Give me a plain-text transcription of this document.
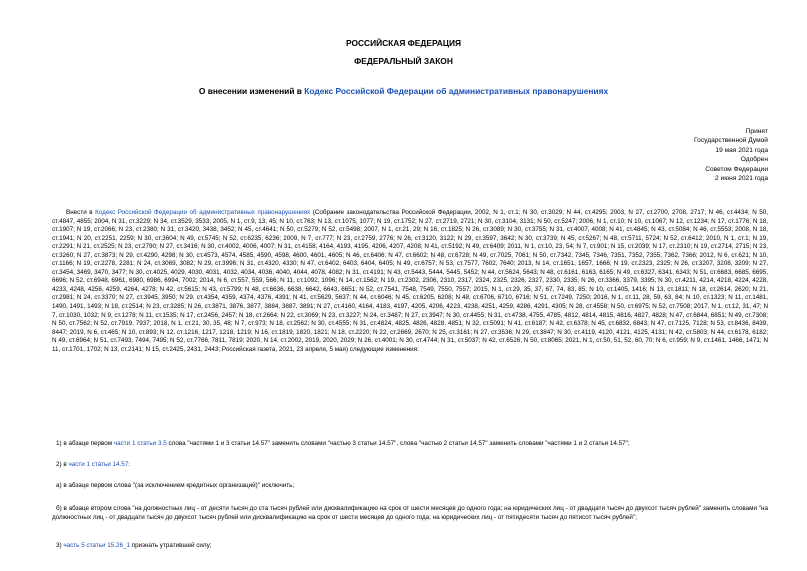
РОССИЙСКАЯ ФЕДЕРАЦИЯ
ФЕДЕРАЛЬНЫЙ ЗАКОН
О внесении изменений в Кодекс Российской Федерации об административных правонарушениях
Принят
Государственной Думой
19 мая 2021 года
Одобрен
Советом Федерации
2 июня 2021 года
Внести в Кодекс Российской Федерации об административных правонарушениях (Собрание законодательства Российской Федерации, 2002, N 1, ст.1; N 30, ст.3029; N 44, ст.4295; 2003, N 27, ст.2700, 2708, 2717; N 46, ст.4434; N 50, ст.4847, 4855; 2004, N 31, ст.3229; N 34, ст.3529, 3533; 2005, N 1, ст.9, 13, 45; N 10, ст.763; N 13, ст.1075, 1077; N 19, ст.1752; N 27, ст.2719, 2721; N 30, ст.3104, 3131; N 50, ст.5247; 2006, N 1, ст.10; N 10, ст.1067; N 12, ст.1234; N 17, ст.1776; N 18, ст.1907; N 19, ст.2066; N 23, ст.2380; N 31, ст.3420, 3438, 3452; N 45, ст.4641; N 50, ст.5279; N 52, ст.5498; 2007, N 1, ст.21, 29; N 16, ст.1825; N 26, ст.3089; N 30, ст.3755; N 31, ст.4007, 4008; N 41, ст.4845; N 43, ст.5084; N 46, ст.5553; 2008, N 18, ст.1941; N 20, ст.2251, 2259; N 30, ст.3604; N 49, ст.5745; N 52, ст.6235, 6236; 2009, N 7, ст.777; N 23, ст.2759, 2776; N 26, ст.3120, 3122; N 29, ст.3597, 3642; N 30, ст.3739; N 45, ст.5267; N 48, ст.5711, 5724; N 52, ст.6412; 2010, N 1, ст.1; N 19, ст.2291; N 21, ст.2525; N 23, ст.2790; N 27, ст.3416; N 30, ст.4002, 4006, 4007; N 31, ст.4158, 4164, 4193, 4195, 4206, 4207, 4208; N 41, ст.5192; N 49, ст.6409; 2011, N 1, ст.10, 23, 54; N 7, ст.901; N 15, ст.2039; N 17, ст.2310; N 19, ст.2714, 2715; N 23, ст.3260; N 27, ст.3873; N 29, ст.4290, 4298; N 30, ст.4573, 4574, 4585, 4590, 4598, 4600, 4601, 4605; N 46, ст.6406; N 47, ст.6602; N 48, ст.6728; N 49, ст.7025, 7061; N 50, ст.7342, 7345, 7346, 7351, 7352, 7355, 7362, 7366; 2012, N 6, ст.621; N 10, ст.1166; N 19, ст.2278, 2281; N 24, ст.3069, 3082; N 29, ст.3996; N 31, ст.4320, 4330; N 47, ст.6402, 6403, 6404, 6405; N 49, ст.6757; N 53, ст.7577, 7602, 7640; 2013, N 14, ст.1651, 1657, 1666; N 19, ст.2323, 2325; N 26, ст.3207, 3208, 3209; N 27, ст.3454, 3469, 3470, 3477; N 30, ст.4025, 4029, 4030, 4031, 4032, 4034, 4036, 4040, 4044, 4078, 4082; N 31, ст.4191; N 43, ст.5443, 5444, 5445, 5452; N 44, ст.5624, 5643; N 48, ст.6161, 6163, 6165; N 49, ст.6327, 6341, 6343; N 51, ст.6683, 6685, 6695, 6696; N 52, ст.6948, 6961, 6980, 6986, 6994, 7002; 2014, N 6, ст.557, 559, 566; N 11, ст.1092, 1096; N 14, ст.1562; N 19, ст.2302, 2306, 2310, 2317, 2324, 2325, 2326, 2327, 2330, 2335; N 26, ст.3366, 3379, 3395; N 30, ст.4211, 4214, 4218, 4224, 4228, 4233, 4248, 4256, 4259, 4264, 4278; N 42, ст.5615; N 43, ст.5799; N 48, ст.6636, 6638, 6642, 6643, 6651; N 52, ст.7541, 7548, 7549, 7550, 7557; 2015, N 1, ст.29, 35, 37, 67, 74, 83, 85; N 10, ст.1405, 1416; N 13, ст.1811; N 18, ст.2614, 2620; N 21, ст.2981; N 24, ст.3370; N 27, ст.3945, 3950; N 29, ст.4354, 4359, 4374, 4376, 4391; N 41, ст.5629, 5637; N 44, ст.6046; N 45, ст.6205, 6208; N 48, ст.6706, 6710, 6716; N 51, ст.7249, 7250; 2016, N 1, ст.11, 28, 59, 63, 84; N 10, ст.1323; N 11, ст.1481, 1490, 1491, 1493; N 18, ст.2514; N 23, ст.3285; N 26, ст.3871, 3876, 3877, 3884, 3887, 3891; N 27, ст.4160, 4164, 4183, 4197, 4205, 4206, 4223, 4238, 4251, 4259, 4286, 4291, 4305; N 28, ст.4558; N 50, ст.6975; N 52, ст.7508; 2017, N 1, ст.12, 31, 47; N 7, ст.1030, 1032; N 9, ст.1278; N 11, ст.1535; N 17, ст.2456, 2457; N 18, ст.2664; N 22, ст.3069; N 23, ст.3227; N 24, ст.3487; N 27, ст.3947; N 30, ст.4455; N 31, ст.4738, 4755, 4785, 4812, 4814, 4815, 4816, 4827, 4828; N 47, ст.6844, 6851; N 49, ст.7308; N 50, ст.7562; N 52, ст.7919, 7937; 2018, N 1, ст.21, 30, 35, 48; N 7, ст.973; N 18, ст.2562; N 30, ст.4555; N 31, ст.4824, 4825, 4826, 4828, 4851; N 32, ст.5091; N 41, ст.6187; N 42, ст.6378; N 45, ст.6832, 6843; N 47, ст.7125, 7128; N 53, ст.8436, 8439, 8447; 2019, N 6, ст.465; N 10, ст.893; N 12, ст.1216, 1217, 1218, 1219; N 16, ст.1819, 1820, 1821; N 18, ст.2220; N 22, ст.2669, 2670; N 25, ст.3161; N 27, ст.3536; N 29, ст.3847; N 30, ст.4119, 4120, 4121, 4125, 4131; N 42, ст.5803; N 44, ст.6178, 6182; N 49, ст.6964; N 51, ст.7493, 7494, 7495; N 52, ст.7766, 7811, 7819; 2020, N 14, ст.2002, 2019, 2020, 2029; N 26, ст.4001; N 30, ст.4744; N 31, ст.5037; N 42, ст.6526; N 50, ст.8065; 2021, N 1, ст.50, 51, 52, 60, 70; N 6, ст.959; N 9, ст.1461, 1466, 1471; N 11, ст.1701, 1702; N 13, ст.2141; N 15, ст.2425, 2431, 2443; Российская газета, 2021, 23 апреля, 5 мая) следующие изменения:
1) в абзаце первом части 1 статьи 3.5 слова "частями 1 и 3 статьи 14.57" заменить словами "частью 3 статьи 14.57", слова "частью 2 статьи 14.57" заменить словами "частями 1 и 2 статьи 14.57";
2) в части 1 статьи 14.57:
а) в абзаце первом слова "(за исключением кредитных организаций)" исключить;
б) в абзаце втором слова "на должностных лиц - от десяти тысяч до ста тысяч рублей или дисквалификацию на срок от шести месяцев до одного года; на юридических лиц - от двадцати тысяч до двухсот тысяч рублей" заменить словами "на должностных лиц - от двадцати тысяч до двухсот тысяч рублей или дисквалификацию на срок от шести месяцев до одного года; на юридических лиц - от пятидесяти тысяч до пятисот тысяч рублей";
3) часть 5 статьи 15.26_1 признать утратившей силу;
